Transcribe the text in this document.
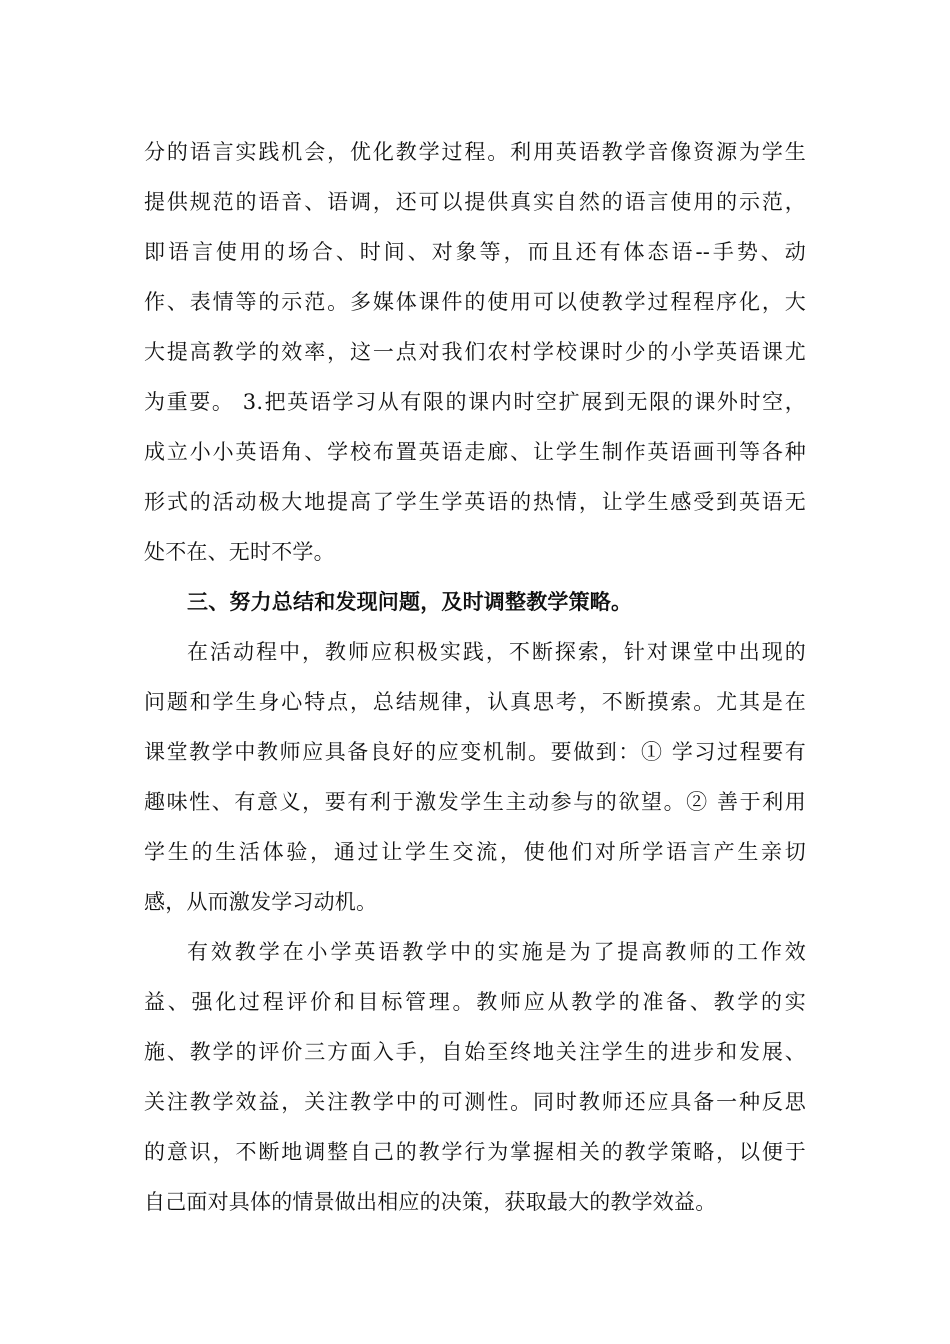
分的语言实践机会，优化教学过程。利用英语教学音像资源为学生
提供规范的语音、语调，还可以提供真实自然的语言使用的示范，
即语言使用的场合、时间、对象等，而且还有体态语--手势、动
作、表情等的示范。多媒体课件的使用可以使教学过程程序化，大
大提高教学的效率，这一点对我们农村学校课时少的小学英语课尤
为重要。 3.把英语学习从有限的课内时空扩展到无限的课外时空，
成立小小英语角、学校布置英语走廊、让学生制作英语画刊等各种
形式的活动极大地提高了学生学英语的热情，让学生感受到英语无
处不在、无时不学。
三、努力总结和发现问题，及时调整教学策略。
在活动程中，教师应积极实践，不断探索，针对课堂中出现的
问题和学生身心特点，总结规律，认真思考，不断摸索。尤其是在
课堂教学中教师应具备良好的应变机制。要做到：① 学习过程要有
趣味性、有意义，要有利于激发学生主动参与的欲望。② 善于利用
学生的生活体验，通过让学生交流，使他们对所学语言产生亲切
感，从而激发学习动机。
有效教学在小学英语教学中的实施是为了提高教师的工作效
益、强化过程评价和目标管理。教师应从教学的准备、教学的实
施、教学的评价三方面入手，自始至终地关注学生的进步和发展、
关注教学效益，关注教学中的可测性。同时教师还应具备一种反思
的意识，不断地调整自己的教学行为掌握相关的教学策略，以便于
自己面对具体的情景做出相应的决策，获取最大的教学效益。
